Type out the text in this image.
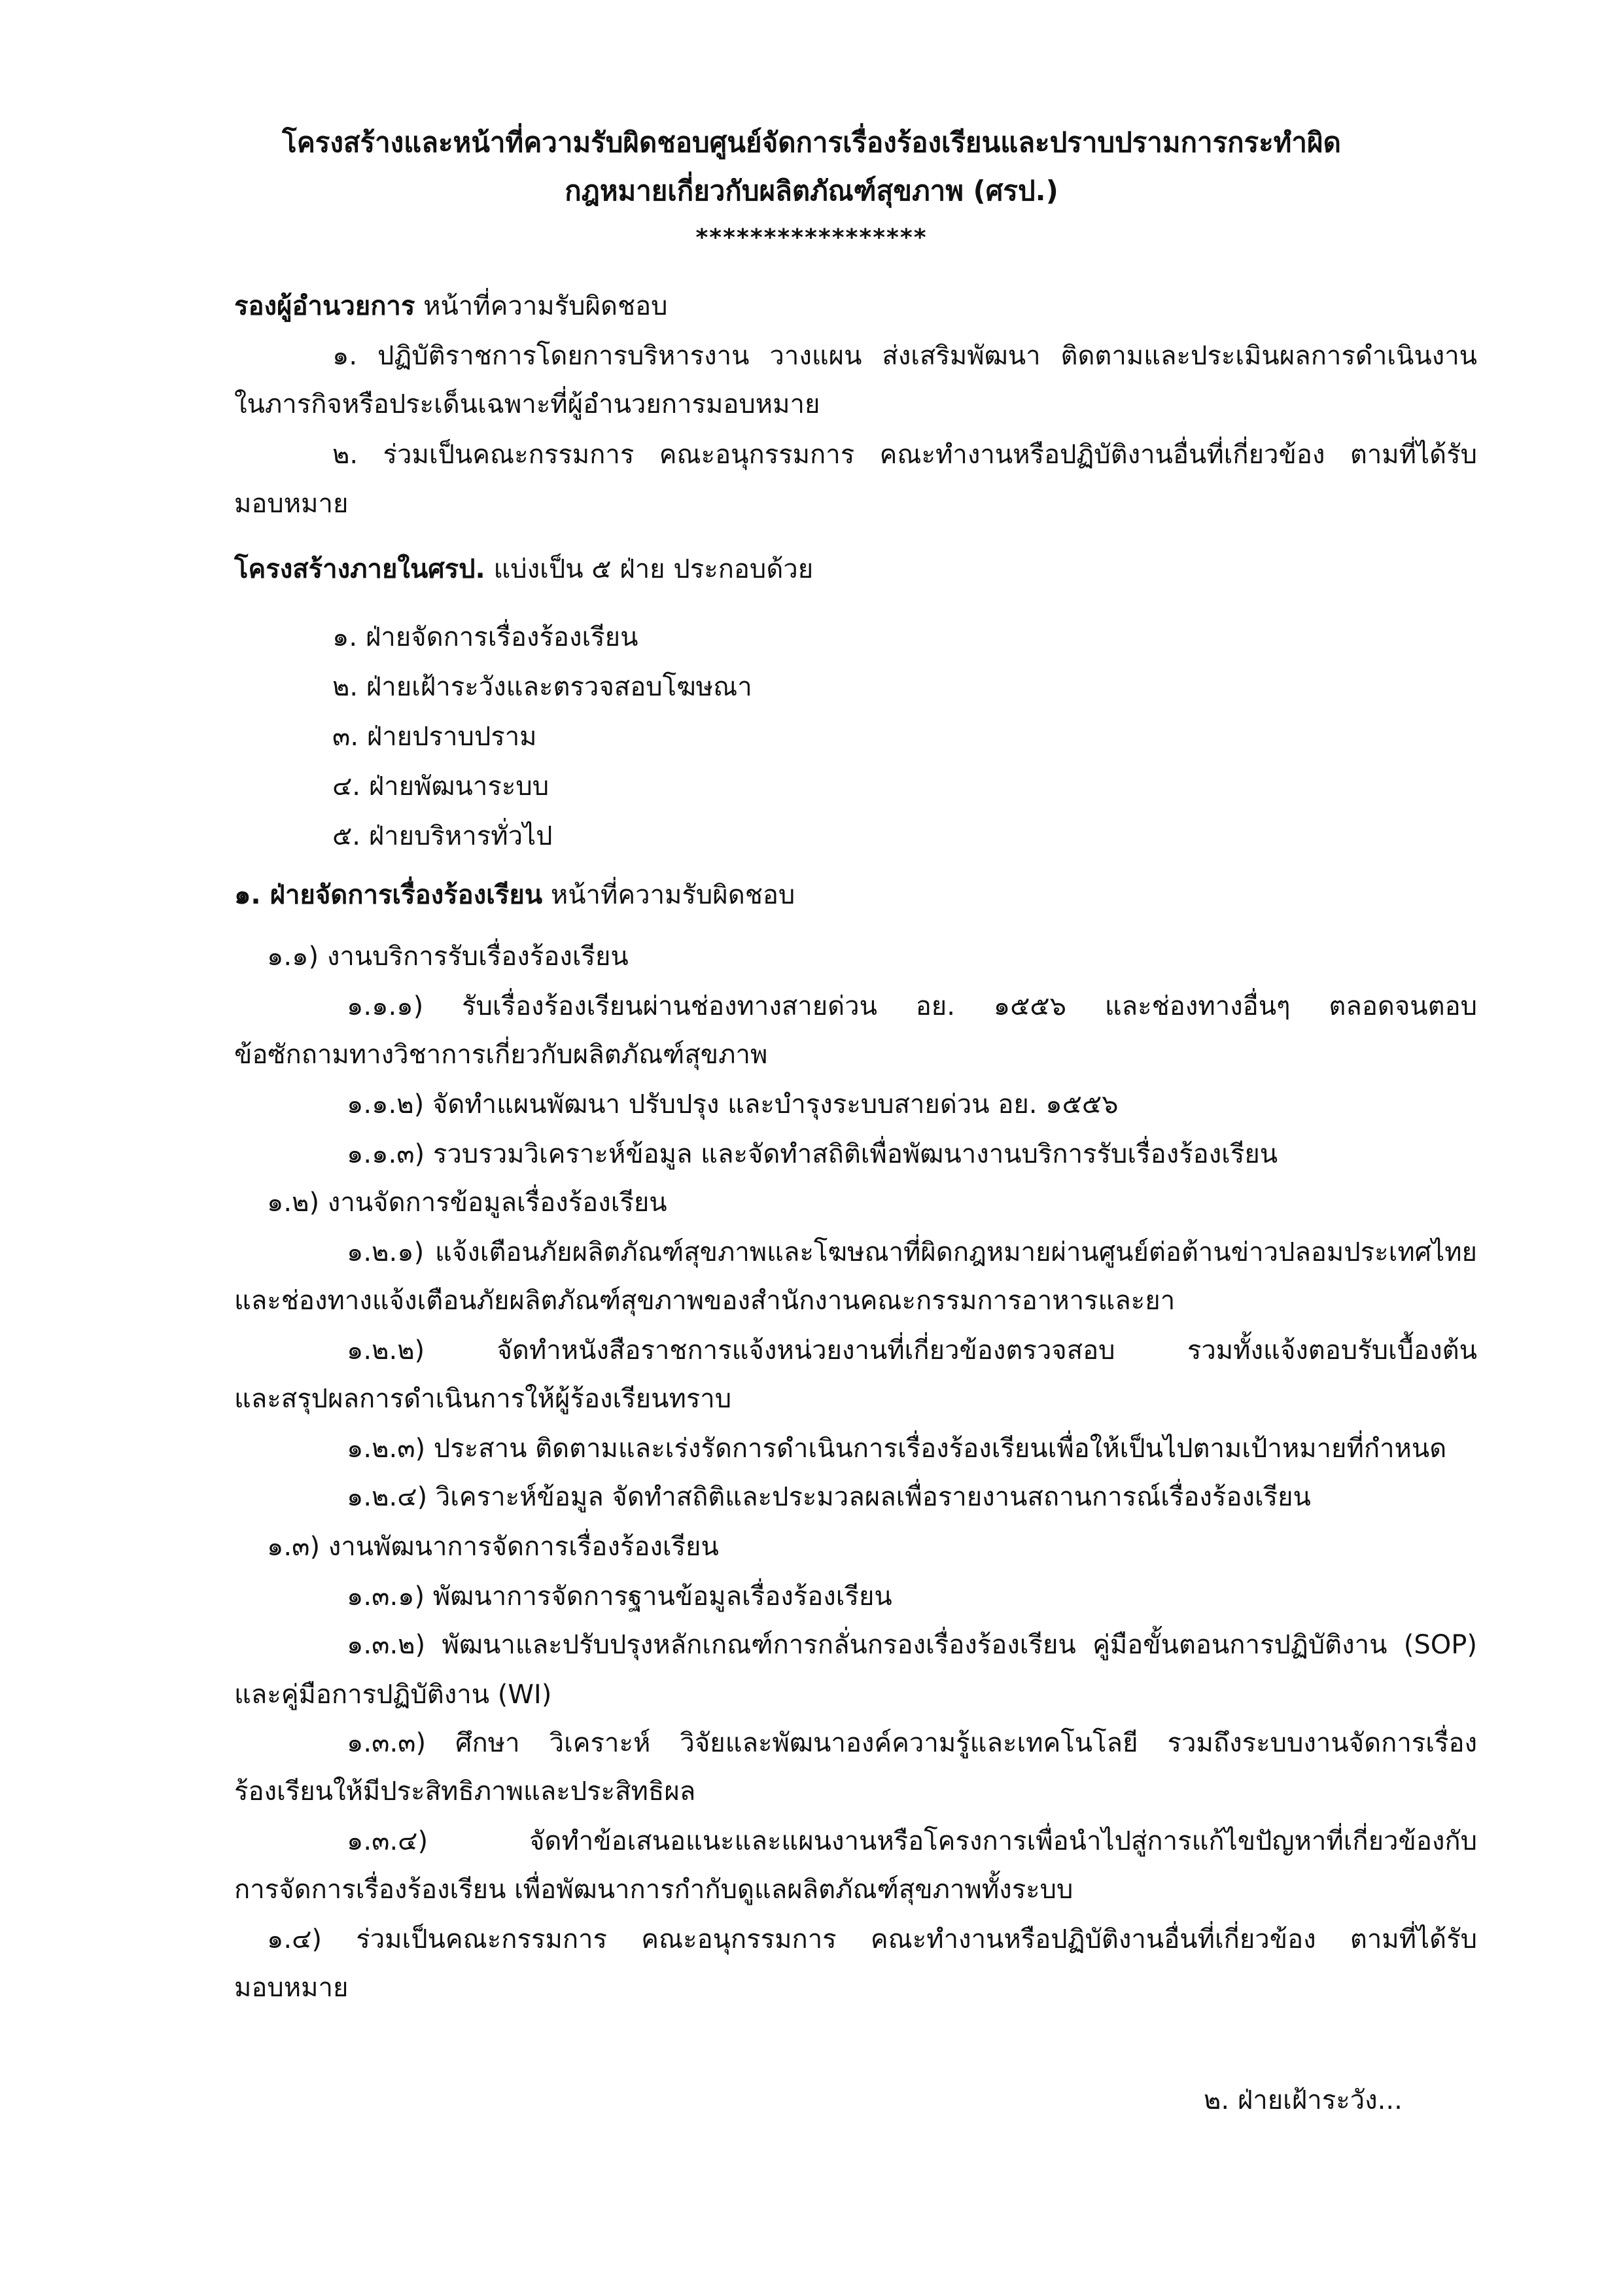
โครงสร้างและหน้าที่ความรับผิดชอบศูนย์จัดการเรื่องร้องเรียนและปราบปรามการกระทำผิด
กฎหมายเกี่ยวกับผลิตภัณฑ์สุขภาพ (ศรป.)
*****************
รองผู้อำนวยการ หน้าที่ความรับผิดชอบ
๑. ปฏิบัติราชการโดยการบริหารงาน วางแผน ส่งเสริมพัฒนา ติดตามและประเมินผลการดำเนินงาน
ในภารกิจหรือประเด็นเฉพาะที่ผู้อำนวยการมอบหมาย
๒. ร่วมเป็นคณะกรรมการ คณะอนุกรรมการ คณะทำงานหรือปฏิบัติงานอื่นที่เกี่ยวข้อง ตามที่ได้รับ
มอบหมาย
โครงสร้างภายในศรป. แบ่งเป็น ๕ ฝ่าย ประกอบด้วย
๑. ฝ่ายจัดการเรื่องร้องเรียน
๒. ฝ่ายเฝ้าระวังและตรวจสอบโฆษณา
๓. ฝ่ายปราบปราม
๔. ฝ่ายพัฒนาระบบ
๕. ฝ่ายบริหารทั่วไป
๑. ฝ่ายจัดการเรื่องร้องเรียน หน้าที่ความรับผิดชอบ
๑.๑) งานบริการรับเรื่องร้องเรียน
๑.๑.๑) รับเรื่องร้องเรียนผ่านช่องทางสายด่วน อย. ๑๕๕๖ และช่องทางอื่นๆ ตลอดจนตอบ
ข้อซักถามทางวิชาการเกี่ยวกับผลิตภัณฑ์สุขภาพ
๑.๑.๒) จัดทำแผนพัฒนา ปรับปรุง และบำรุงระบบสายด่วน อย. ๑๕๕๖
๑.๑.๓) รวบรวมวิเคราะห์ข้อมูล และจัดทำสถิติเพื่อพัฒนางานบริการรับเรื่องร้องเรียน
๑.๒) งานจัดการข้อมูลเรื่องร้องเรียน
๑.๒.๑) แจ้งเตือนภัยผลิตภัณฑ์สุขภาพและโฆษณาที่ผิดกฎหมายผ่านศูนย์ต่อต้านข่าวปลอมประเทศไทย
และช่องทางแจ้งเตือนภัยผลิตภัณฑ์สุขภาพของสำนักงานคณะกรรมการอาหารและยา
๑.๒.๒) จัดทำหนังสือราชการแจ้งหน่วยงานที่เกี่ยวข้องตรวจสอบ รวมทั้งแจ้งตอบรับเบื้องต้น
และสรุปผลการดำเนินการให้ผู้ร้องเรียนทราบ
๑.๒.๓) ประสาน ติดตามและเร่งรัดการดำเนินการเรื่องร้องเรียนเพื่อให้เป็นไปตามเป้าหมายที่กำหนด
๑.๒.๔) วิเคราะห์ข้อมูล จัดทำสถิติและประมวลผลเพื่อรายงานสถานการณ์เรื่องร้องเรียน
๑.๓) งานพัฒนาการจัดการเรื่องร้องเรียน
๑.๓.๑) พัฒนาการจัดการฐานข้อมูลเรื่องร้องเรียน
๑.๓.๒) พัฒนาและปรับปรุงหลักเกณฑ์การกลั่นกรองเรื่องร้องเรียน คู่มือขั้นตอนการปฏิบัติงาน (SOP)
และคู่มือการปฏิบัติงาน (WI)
๑.๓.๓) ศึกษา วิเคราะห์ วิจัยและพัฒนาองค์ความรู้และเทคโนโลยี รวมถึงระบบงานจัดการเรื่อง
ร้องเรียนให้มีประสิทธิภาพและประสิทธิผล
๑.๓.๔) จัดทำข้อเสนอแนะและแผนงานหรือโครงการเพื่อนำไปสู่การแก้ไขปัญหาที่เกี่ยวข้องกับ
การจัดการเรื่องร้องเรียน เพื่อพัฒนาการกำกับดูแลผลิตภัณฑ์สุขภาพทั้งระบบ
๑.๔) ร่วมเป็นคณะกรรมการ คณะอนุกรรมการ คณะทำงานหรือปฏิบัติงานอื่นที่เกี่ยวข้อง ตามที่ได้รับ
มอบหมาย
๒. ฝ่ายเฝ้าระวัง...
